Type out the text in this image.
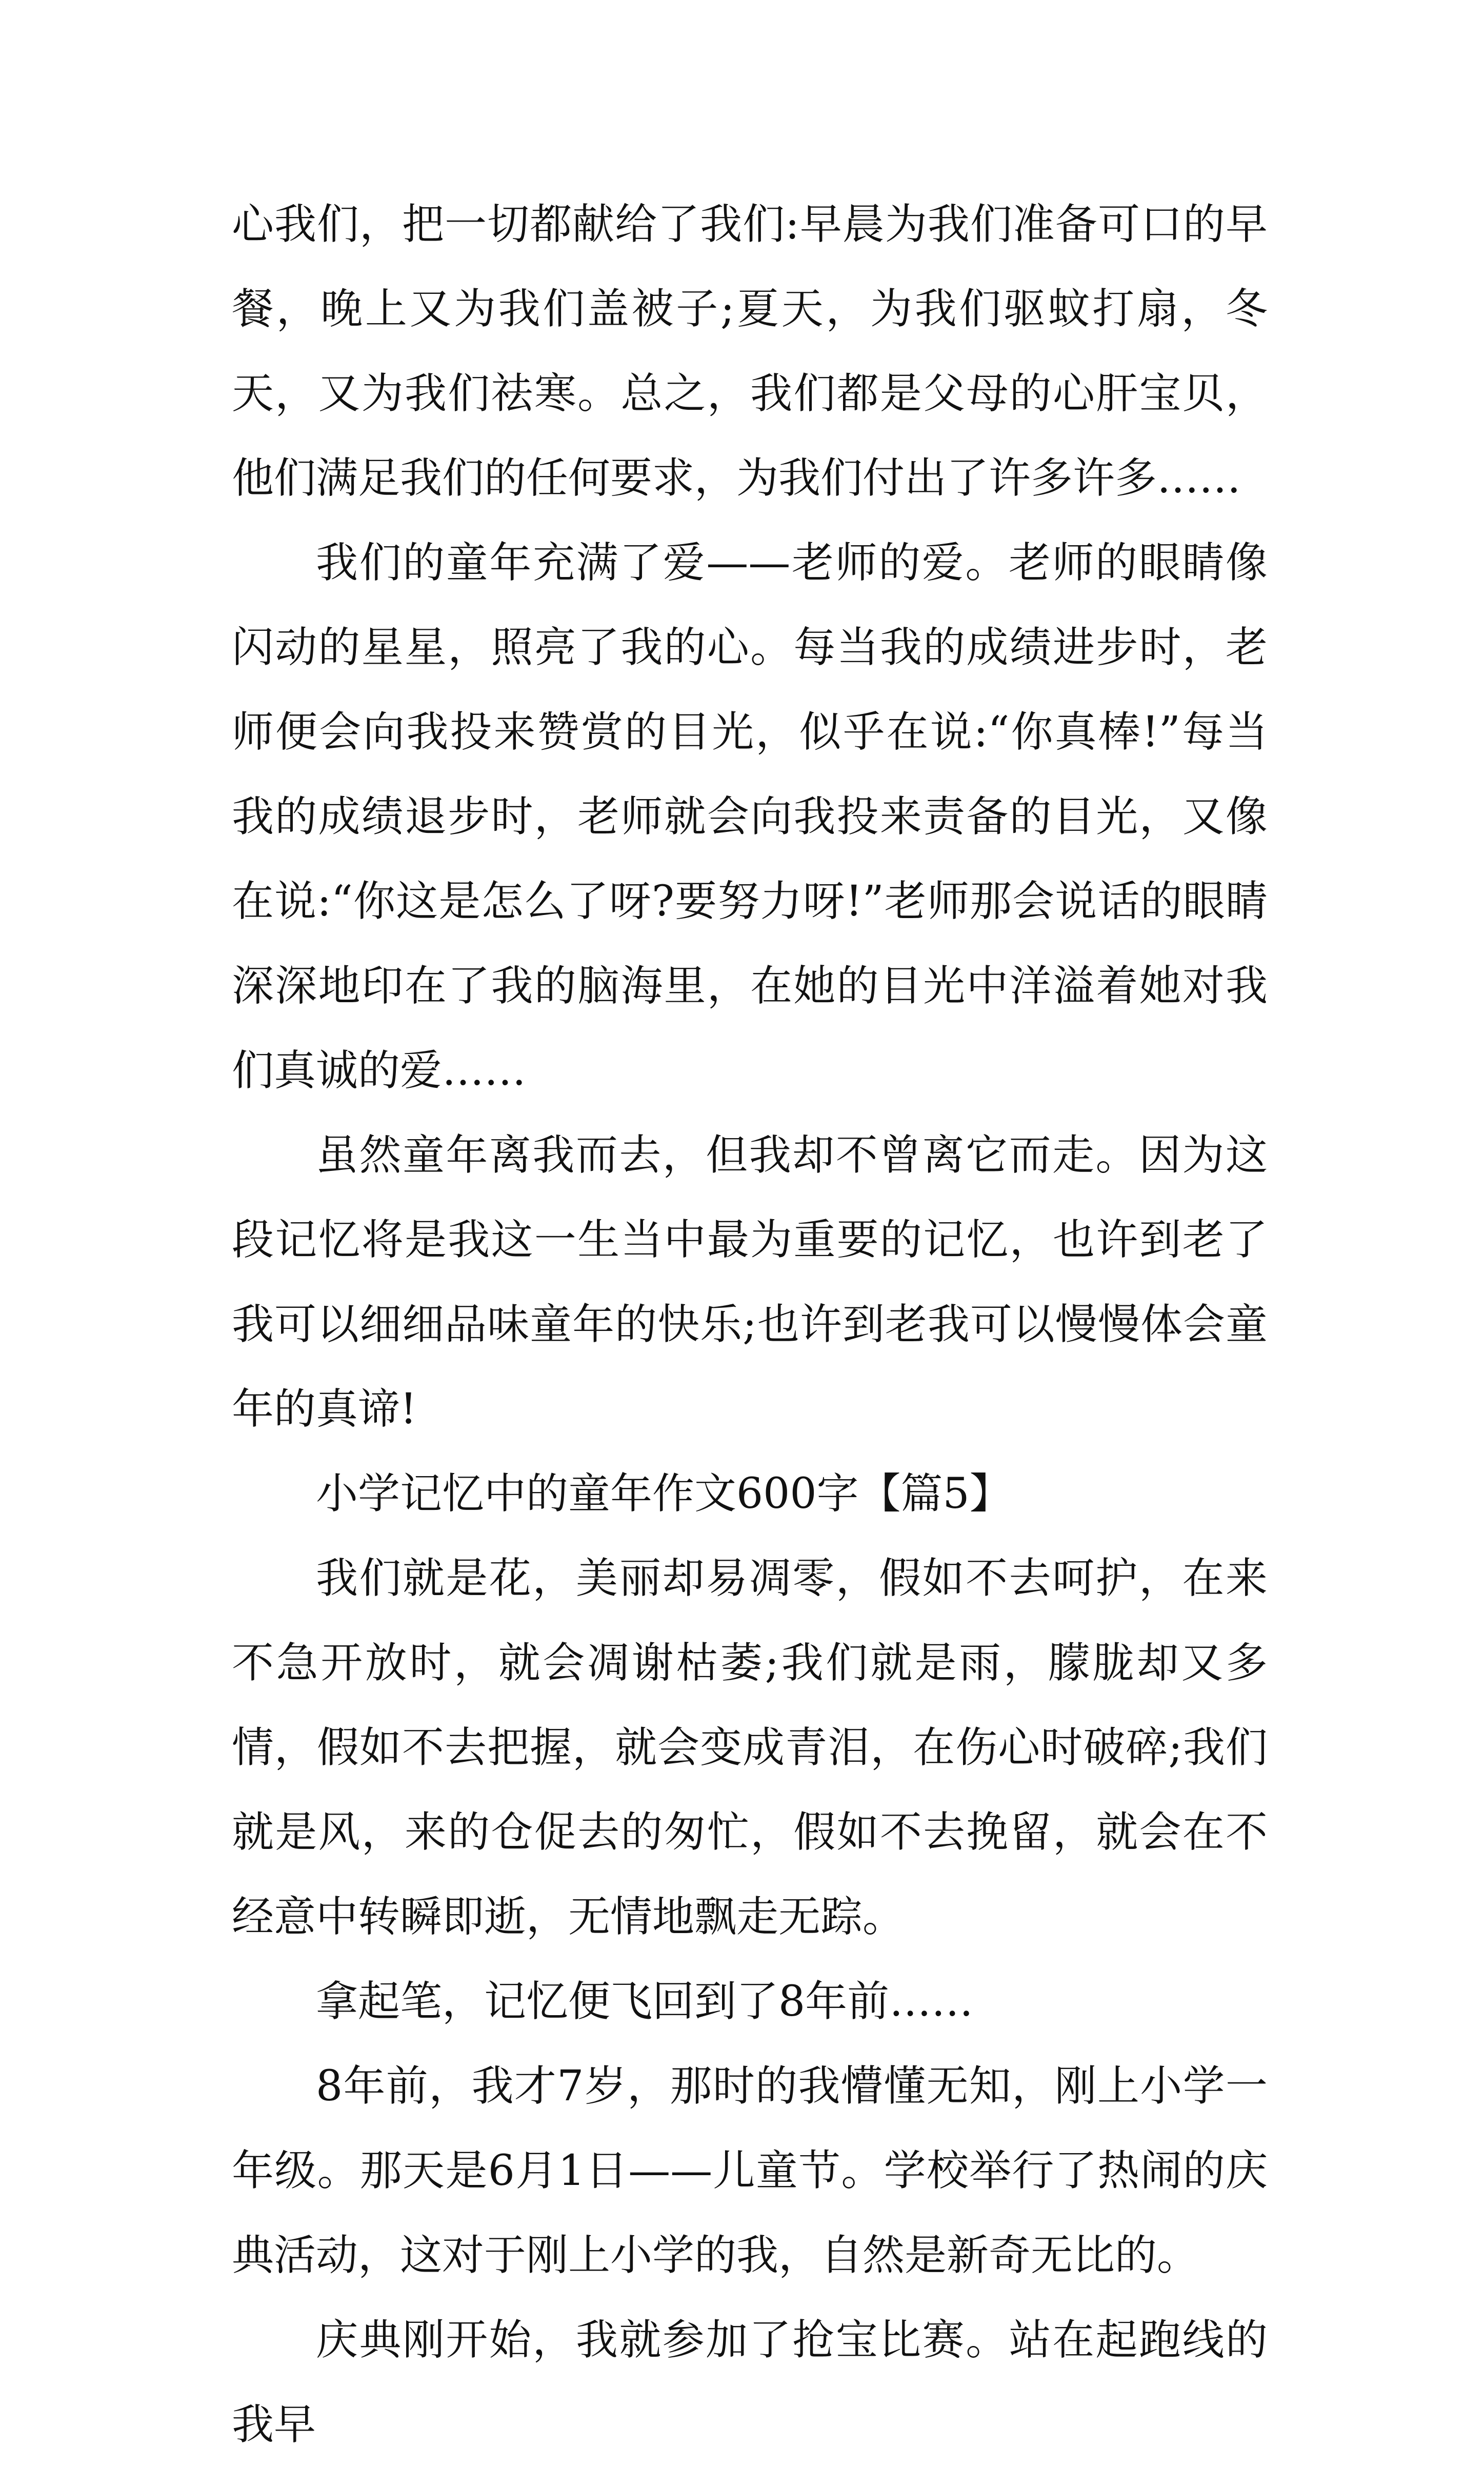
心我们，把一切都献给了我们:早晨为我们准备可口的早餐，晚上又为我们盖被子;夏天，为我们驱蚊打扇，冬天，又为我们祛寒。总之，我们都是父母的心肝宝贝，他们满足我们的任何要求，为我们付出了许多许多……

我们的童年充满了爱——老师的爱。老师的眼睛像闪动的星星，照亮了我的心。每当我的成绩进步时，老师便会向我投来赞赏的目光，似乎在说:“你真棒!”每当我的成绩退步时，老师就会向我投来责备的目光，又像在说:“你这是怎么了呀?要努力呀!”老师那会说话的眼睛深深地印在了我的脑海里，在她的目光中洋溢着她对我们真诚的爱……

虽然童年离我而去，但我却不曾离它而走。因为这段记忆将是我这一生当中最为重要的记忆，也许到老了我可以细细品味童年的快乐;也许到老我可以慢慢体会童年的真谛!

小学记忆中的童年作文600字【篇5】

我们就是花，美丽却易凋零，假如不去呵护，在来不急开放时，就会凋谢枯萎;我们就是雨，朦胧却又多情，假如不去把握，就会变成青泪，在伤心时破碎;我们就是风，来的仓促去的匆忙，假如不去挽留，就会在不经意中转瞬即逝，无情地飘走无踪。

拿起笔，记忆便飞回到了8年前……

8年前，我才7岁，那时的我懵懂无知，刚上小学一年级。那天是6月1日——儿童节。学校举行了热闹的庆典活动，这对于刚上小学的我，自然是新奇无比的。

庆典刚开始，我就参加了抢宝比赛。站在起跑线的我早
